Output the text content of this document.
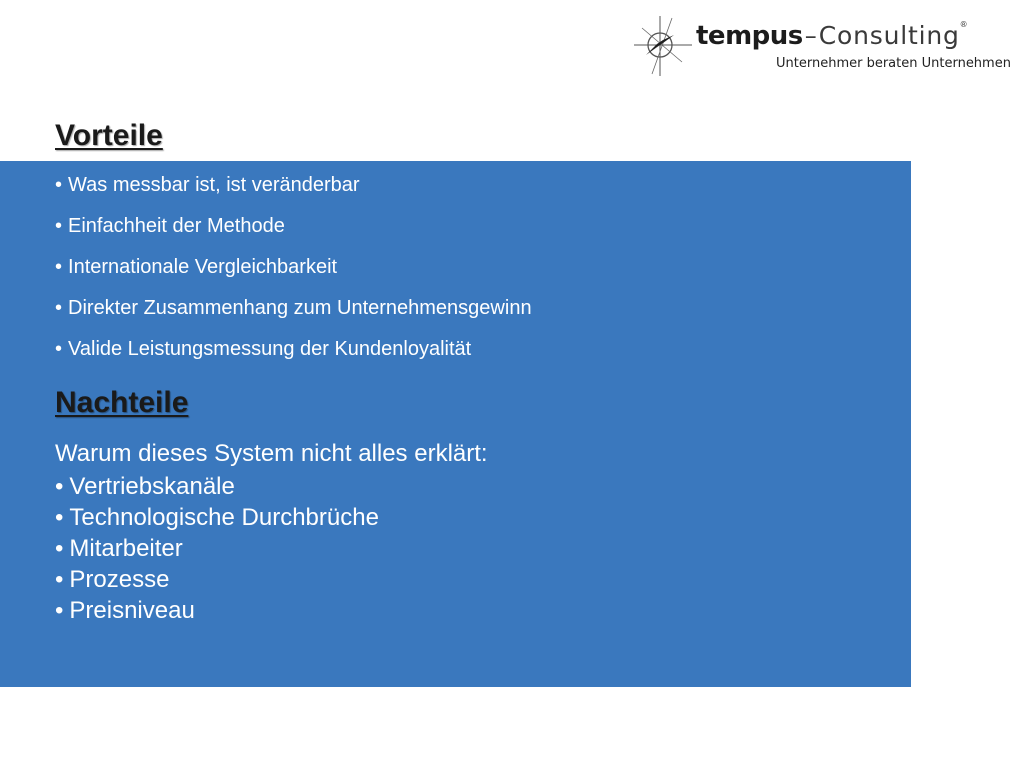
tempus–Consulting®
Unternehmer beraten Unternehmen
Vorteile
• Was messbar ist, ist veränderbar
• Einfachheit der Methode
• Internationale Vergleichbarkeit
• Direkter Zusammenhang zum Unternehmensgewinn
• Valide Leistungsmessung der Kundenloyalität
Nachteile
Warum dieses System nicht alles erklärt:
• Vertriebskanäle
• Technologische Durchbrüche
• Mitarbeiter
• Prozesse
• Preisniveau
